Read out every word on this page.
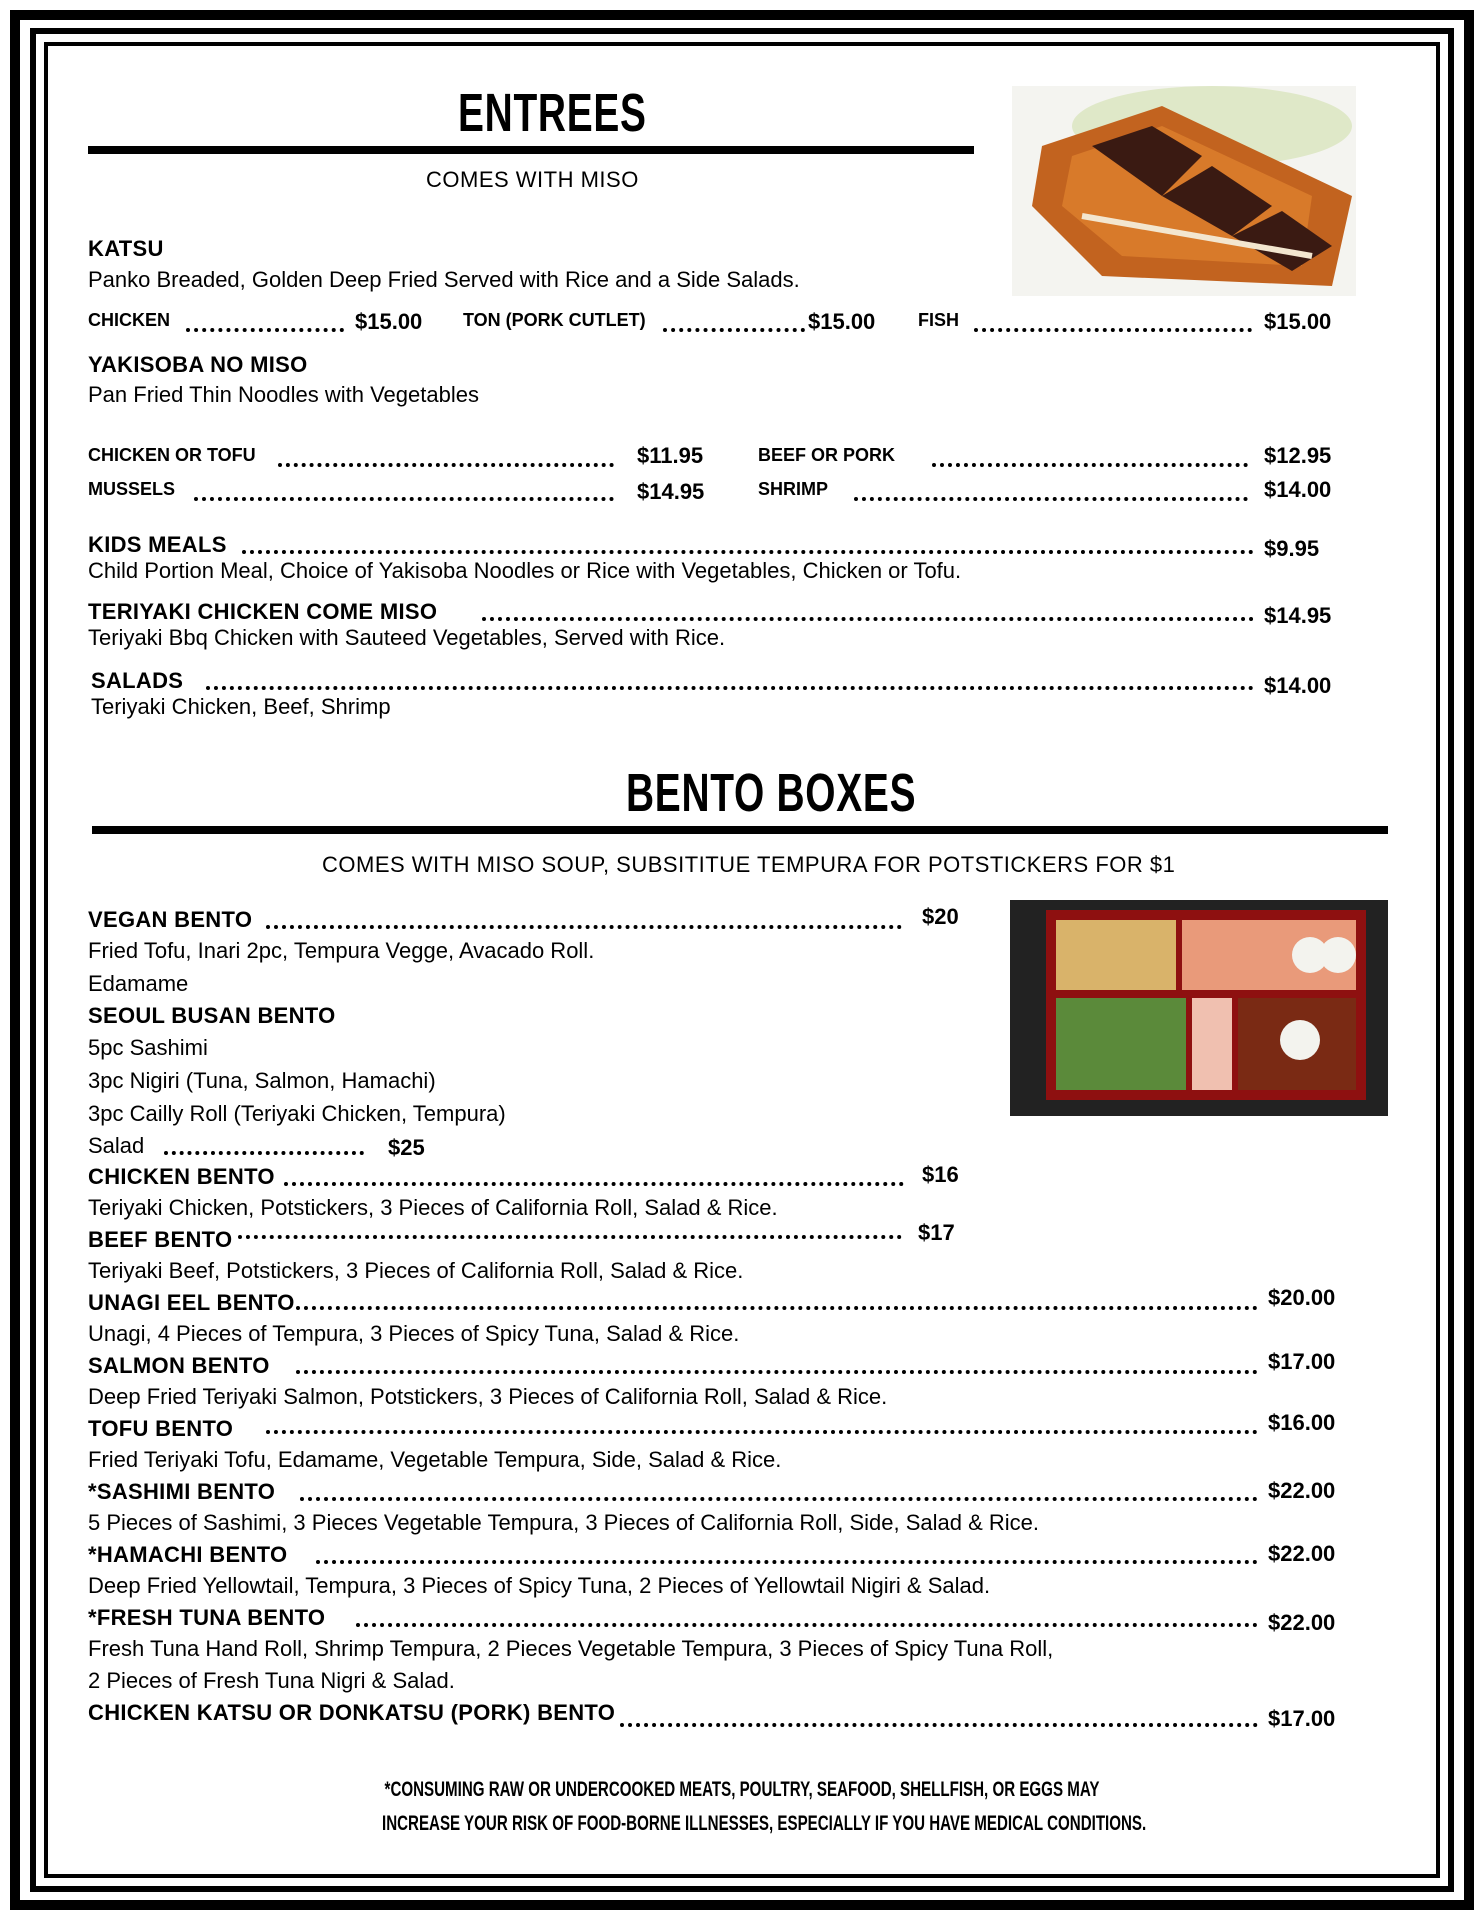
ENTREES
COMES WITH MISO
KATSU
Panko Breaded, Golden Deep Fried Served with Rice and a Side Salads.
CHICKEN	$15.00 TON (PORK CUTLET)	$15.00 FISH	$15.00
YAKISOBA NO MISO
Pan Fried Thin Noodles with Vegetables
CHICKEN OR TOFU	$11.95	BEEF OR PORK	$12.95
MUSSELS	$14.95	SHRIMP	$14.00
KIDS MEALS	$9.95
Child Portion Meal, Choice of Yakisoba Noodles or Rice with Vegetables, Chicken or Tofu.
TERIYAKI CHICKEN COME MISO	$14.95
Teriyaki Bbq Chicken with Sauteed Vegetables, Served with Rice.
SALADS	$14.00
Teriyaki Chicken, Beef, Shrimp
BENTO BOXES
COMES WITH MISO SOUP, SUBSITITUE TEMPURA FOR POTSTICKERS FOR $1
VEGAN BENTO	$20
Fried Tofu, Inari 2pc, Tempura Vegge, Avacado Roll.
Edamame
SEOUL BUSAN BENTO
5pc Sashimi
3pc Nigiri (Tuna, Salmon, Hamachi)
3pc Cailly Roll (Teriyaki Chicken, Tempura)
Salad	$25
CHICKEN BENTO	$16
Teriyaki Chicken, Potstickers, 3 Pieces of California Roll, Salad & Rice.
BEEF BENTO	$17
Teriyaki Beef, Potstickers, 3 Pieces of California Roll, Salad & Rice.
UNAGI EEL BENTO	$20.00
Unagi, 4 Pieces of Tempura, 3 Pieces of Spicy Tuna, Salad & Rice.
SALMON BENTO	$17.00
Deep Fried Teriyaki Salmon, Potstickers, 3 Pieces of California Roll, Salad & Rice.
TOFU BENTO	$16.00
Fried Teriyaki Tofu, Edamame, Vegetable Tempura, Side, Salad & Rice.
*SASHIMI BENTO	$22.00
5 Pieces of Sashimi, 3 Pieces Vegetable Tempura, 3 Pieces of California Roll, Side, Salad & Rice.
*HAMACHI BENTO	$22.00
Deep Fried Yellowtail, Tempura, 3 Pieces of Spicy Tuna, 2 Pieces of Yellowtail Nigiri & Salad.
*FRESH TUNA BENTO	$22.00
Fresh Tuna Hand Roll, Shrimp Tempura, 2 Pieces Vegetable Tempura, 3 Pieces of Spicy Tuna Roll,
2 Pieces of Fresh Tuna Nigri & Salad.
CHICKEN KATSU OR DONKATSU (PORK) BENTO	$17.00
*CONSUMING RAW OR UNDERCOOKED MEATS, POULTRY, SEAFOOD, SHELLFISH, OR EGGS MAY
INCREASE YOUR RISK OF FOOD-BORNE ILLNESSES, ESPECIALLY IF YOU HAVE MEDICAL CONDITIONS.
